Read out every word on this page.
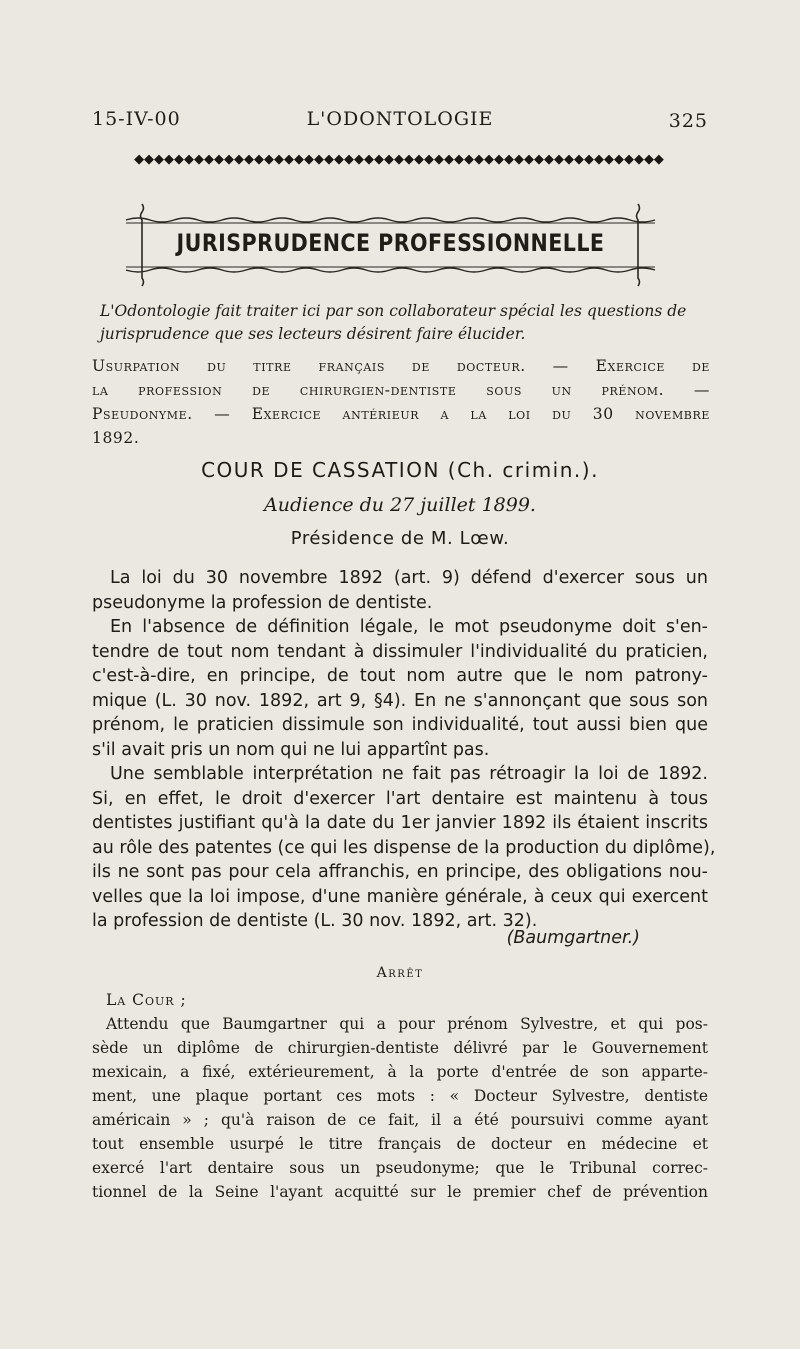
15-IV-00	L'ODONTOLOGIE	325
◆◆◆◆◆◆◆◆◆◆◆◆◆◆◆◆◆◆◆◆◆◆◆◆◆◆◆◆◆◆◆◆◆◆◆◆◆◆◆◆◆◆◆◆◆◆◆◆◆◆◆◆◆
JURISPRUDENCE PROFESSIONNELLE
L'Odontologie fait traiter ici par son collaborateur spécial les questions de
jurisprudence que ses lecteurs désirent faire élucider.
Usurpation du titre français de docteur. — Exercice de
la profession de chirurgien-dentiste sous un prénom. —
Pseudonyme. — Exercice antérieur a la loi du 30 novembre
1892.
COUR DE CASSATION (Ch. crimin.).
Audience du 27 juillet 1899.
Présidence de M. Lœw.
La loi du 30 novembre 1892 (art. 9) défend d'exercer sous un
pseudonyme la profession de dentiste.
En l'absence de définition légale, le mot pseudonyme doit s'en-
tendre de tout nom tendant à dissimuler l'individualité du praticien,
c'est-à-dire, en principe, de tout nom autre que le nom patrony-
mique (L. 30 nov. 1892, art 9, §4). En ne s'annonçant que sous son
prénom, le praticien dissimule son individualité, tout aussi bien que
s'il avait pris un nom qui ne lui appartînt pas.
Une semblable interprétation ne fait pas rétroagir la loi de 1892.
Si, en effet, le droit d'exercer l'art dentaire est maintenu à tous
dentistes justifiant qu'à la date du 1er janvier 1892 ils étaient inscrits
au rôle des patentes (ce qui les dispense de la production du diplôme),
ils ne sont pas pour cela affranchis, en principe, des obligations nou-
velles que la loi impose, d'une manière générale, à ceux qui exercent
la profession de dentiste (L. 30 nov. 1892, art. 32).
(Baumgartner.)
Arrêt
La Cour ;
Attendu que Baumgartner qui a pour prénom Sylvestre, et qui pos-
sède un diplôme de chirurgien-dentiste délivré par le Gouvernement
mexicain, a fixé, extérieurement, à la porte d'entrée de son apparte-
ment, une plaque portant ces mots : « Docteur Sylvestre, dentiste
américain » ; qu'à raison de ce fait, il a été poursuivi comme ayant
tout ensemble usurpé le titre français de docteur en médecine et
exercé l'art dentaire sous un pseudonyme; que le Tribunal correc-
tionnel de la Seine l'ayant acquitté sur le premier chef de prévention
